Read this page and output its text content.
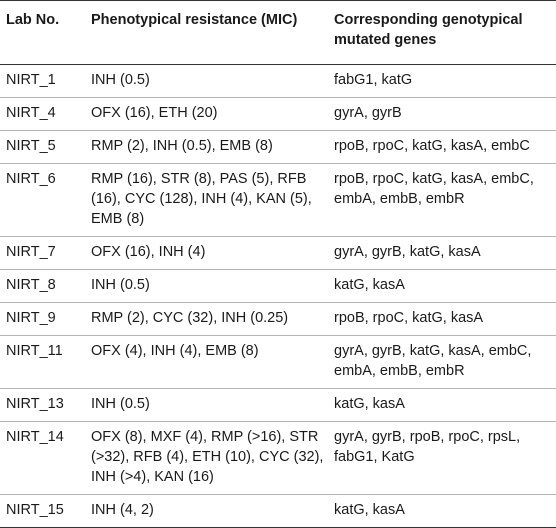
Lab No.	Phenotypical resistance (MIC)	Corresponding genotypical mutated genes
NIRT_1	INH (0.5)	fabG1, katG
NIRT_4	OFX (16), ETH (20)	gyrA, gyrB
NIRT_5	RMP (2), INH (0.5), EMB (8)	rpoB, rpoC, katG, kasA, embC
NIRT_6	RMP (16), STR (8), PAS (5), RFB (16), CYC (128), INH (4), KAN (5), EMB (8)	rpoB, rpoC, katG, kasA, embC, embA, embB, embR
NIRT_7	OFX (16), INH (4)	gyrA, gyrB, katG, kasA
NIRT_8	INH (0.5)	katG, kasA
NIRT_9	RMP (2), CYC (32), INH (0.25)	rpoB, rpoC, katG, kasA
NIRT_11	OFX (4), INH (4), EMB (8)	gyrA, gyrB, katG, kasA, embC, embA, embB, embR
NIRT_13	INH (0.5)	katG, kasA
NIRT_14	OFX (8), MXF (4), RMP (>16), STR (>32), RFB (4), ETH (10), CYC (32), INH (>4), KAN (16)	gyrA, gyrB, rpoB, rpoC, rpsL, fabG1, KatG
NIRT_15	INH (4, 2)	katG, kasA
